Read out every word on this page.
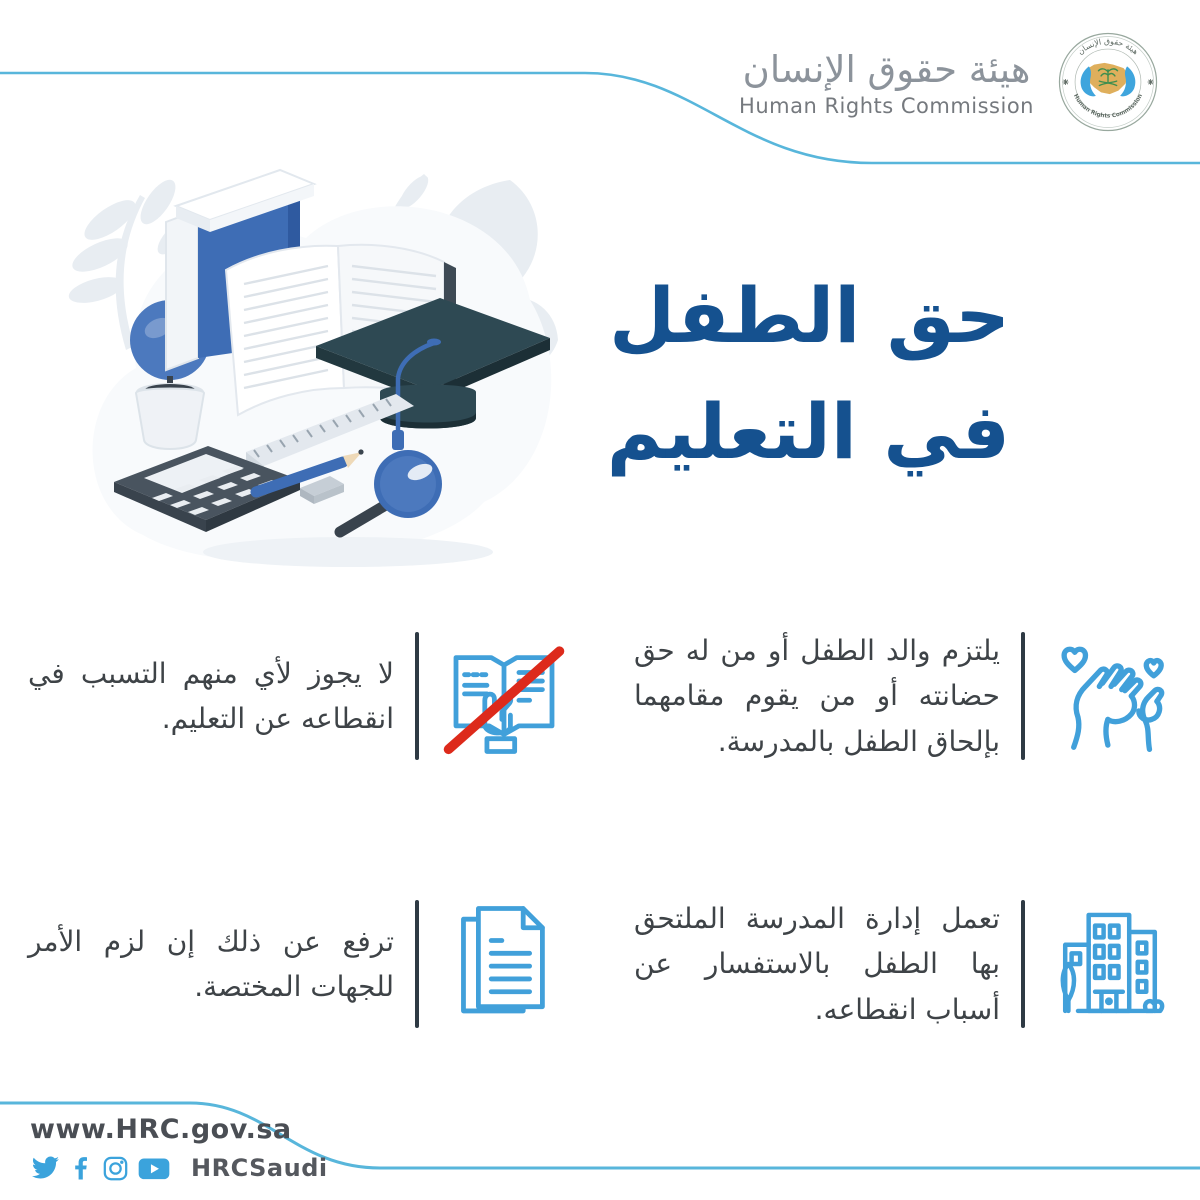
هيئة حقوق الإنسان
Human Rights Commission
هيئة حقوق الإنسان
Human Rights Commission
حق الطفل
في التعليم
يلتزم والد الطفل أو من له حق حضانته أو من يقوم مقامهما بإلحاق الطفل بالمدرسة.
لا يجوز لأي منهم التسبب في انقطاعه عن التعليم.
تعمل إدارة المدرسة الملتحق بها الطفل بالاستفسار عن أسباب انقطاعه.
ترفع عن ذلك إن لزم الأمر للجهات المختصة.
www.HRC.gov.sa
HRCSaudi
